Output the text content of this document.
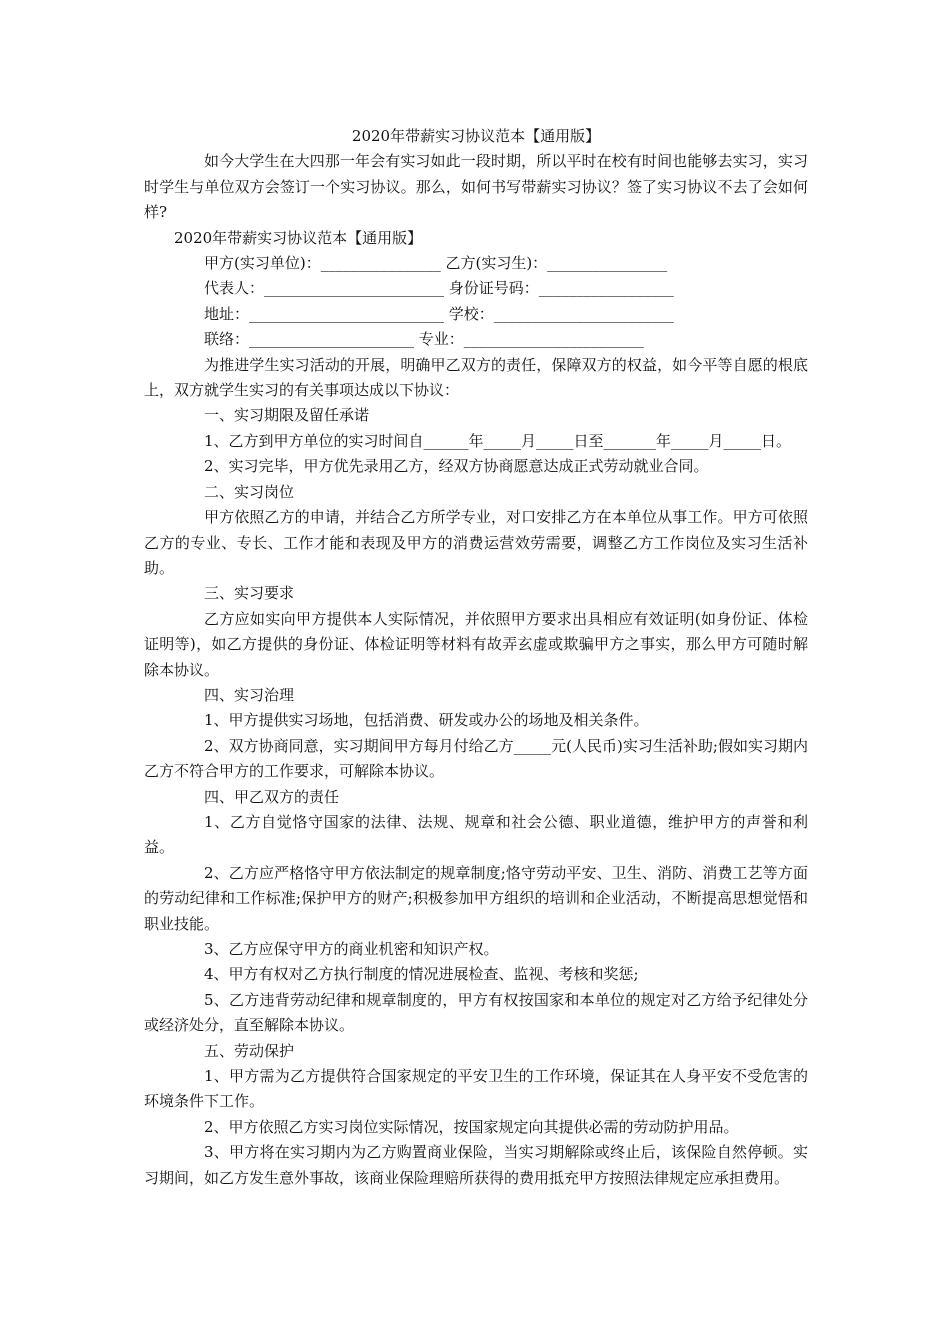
2020年带薪实习协议范本【通用版】

如今大学生在大四那一年会有实习如此一段时期，所以平时在校有时间也能够去实习，实习时学生与单位双方会签订一个实习协议。那么，如何书写带薪实习协议？签了实习协议不去了会如何样?

2020年带薪实习协议范本【通用版】

甲方(实习单位)：________________ 乙方(实习生)：________________
代表人：________________________ 身份证号码：__________________
地址：__________________________ 学校：________________________
联络：______________________ 专业：________________________

为推进学生实习活动的开展，明确甲乙双方的责任，保障双方的权益，如今平等自愿的根底上，双方就学生实习的有关事项达成以下协议：

一、实习期限及留任承诺

1、乙方到甲方单位的实习时间自______年_____月_____日至_______年_____月_____日。

2、实习完毕，甲方优先录用乙方，经双方协商愿意达成正式劳动就业合同。

二、实习岗位

甲方依照乙方的申请，并结合乙方所学专业，对口安排乙方在本单位从事工作。甲方可依照乙方的专业、专长、工作才能和表现及甲方的消费运营效劳需要，调整乙方工作岗位及实习生活补助。

三、实习要求

乙方应如实向甲方提供本人实际情况，并依照甲方要求出具相应有效证明(如身份证、体检证明等)，如乙方提供的身份证、体检证明等材料有故弄玄虚或欺骗甲方之事实，那么甲方可随时解除本协议。

四、实习治理

1、甲方提供实习场地，包括消费、研发或办公的场地及相关条件。

2、双方协商同意，实习期间甲方每月付给乙方_____元(人民币)实习生活补助;假如实习期内乙方不符合甲方的工作要求，可解除本协议。

四、甲乙双方的责任

1、乙方自觉恪守国家的法律、法规、规章和社会公德、职业道德，维护甲方的声誉和利益。

2、乙方应严格恪守甲方依法制定的规章制度;恪守劳动平安、卫生、消防、消费工艺等方面的劳动纪律和工作标准;保护甲方的财产;积极参加甲方组织的培训和企业活动，不断提高思想觉悟和职业技能。

3、乙方应保守甲方的商业机密和知识产权。

4、甲方有权对乙方执行制度的情况进展检查、监视、考核和奖惩;

5、乙方违背劳动纪律和规章制度的，甲方有权按国家和本单位的规定对乙方给予纪律处分或经济处分，直至解除本协议。

五、劳动保护

1、甲方需为乙方提供符合国家规定的平安卫生的工作环境，保证其在人身平安不受危害的环境条件下工作。

2、甲方依照乙方实习岗位实际情况，按国家规定向其提供必需的劳动防护用品。

3、甲方将在实习期内为乙方购置商业保险，当实习期解除或终止后，该保险自然停顿。实习期间，如乙方发生意外事故，该商业保险理赔所获得的费用抵充甲方按照法律规定应承担费用。
